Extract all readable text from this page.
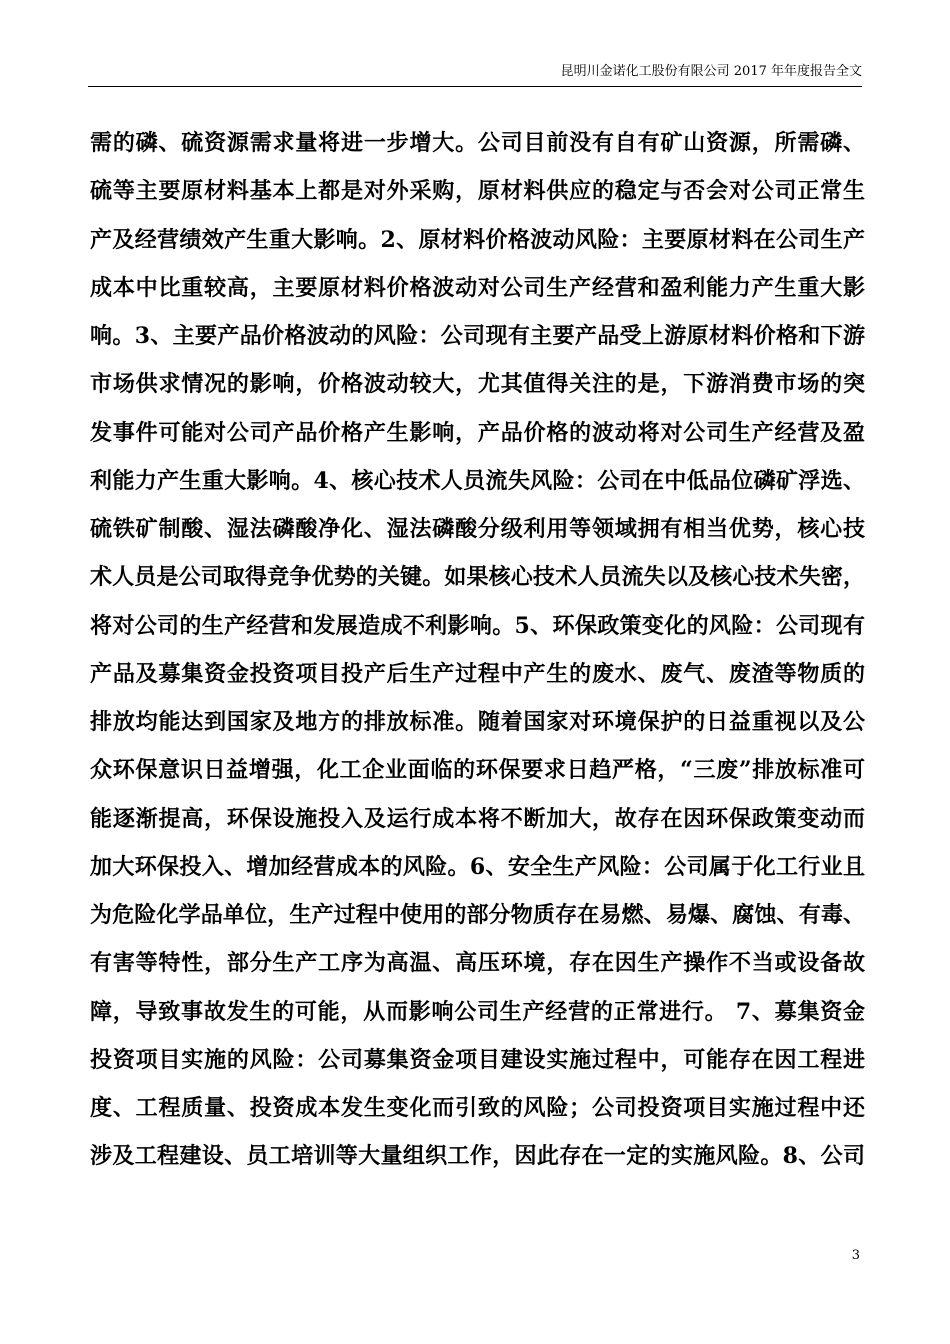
昆明川金诺化工股份有限公司 2017 年年度报告全文
需的磷、硫资源需求量将进一步增大。公司目前没有自有矿山资源，所需磷、
硫等主要原材料基本上都是对外采购，原材料供应的稳定与否会对公司正常生
产及经营绩效产生重大影响。2、原材料价格波动风险：主要原材料在公司生产
成本中比重较高，主要原材料价格波动对公司生产经营和盈利能力产生重大影
响。3、主要产品价格波动的风险：公司现有主要产品受上游原材料价格和下游
市场供求情况的影响，价格波动较大，尤其值得关注的是，下游消费市场的突
发事件可能对公司产品价格产生影响，产品价格的波动将对公司生产经营及盈
利能力产生重大影响。4、核心技术人员流失风险：公司在中低品位磷矿浮选、
硫铁矿制酸、湿法磷酸净化、湿法磷酸分级利用等领域拥有相当优势，核心技
术人员是公司取得竞争优势的关键。如果核心技术人员流失以及核心技术失密，
将对公司的生产经营和发展造成不利影响。5、环保政策变化的风险：公司现有
产品及募集资金投资项目投产后生产过程中产生的废水、废气、废渣等物质的
排放均能达到国家及地方的排放标准。随着国家对环境保护的日益重视以及公
众环保意识日益增强，化工企业面临的环保要求日趋严格，“三废”排放标准可
能逐渐提高，环保设施投入及运行成本将不断加大，故存在因环保政策变动而
加大环保投入、增加经营成本的风险。6、安全生产风险：公司属于化工行业且
为危险化学品单位，生产过程中使用的部分物质存在易燃、易爆、腐蚀、有毒、
有害等特性，部分生产工序为高温、高压环境，存在因生产操作不当或设备故
障，导致事故发生的可能，从而影响公司生产经营的正常进行。 7、募集资金
投资项目实施的风险：公司募集资金项目建设实施过程中，可能存在因工程进
度、工程质量、投资成本发生变化而引致的风险；公司投资项目实施过程中还
涉及工程建设、员工培训等大量组织工作，因此存在一定的实施风险。8、公司
3
